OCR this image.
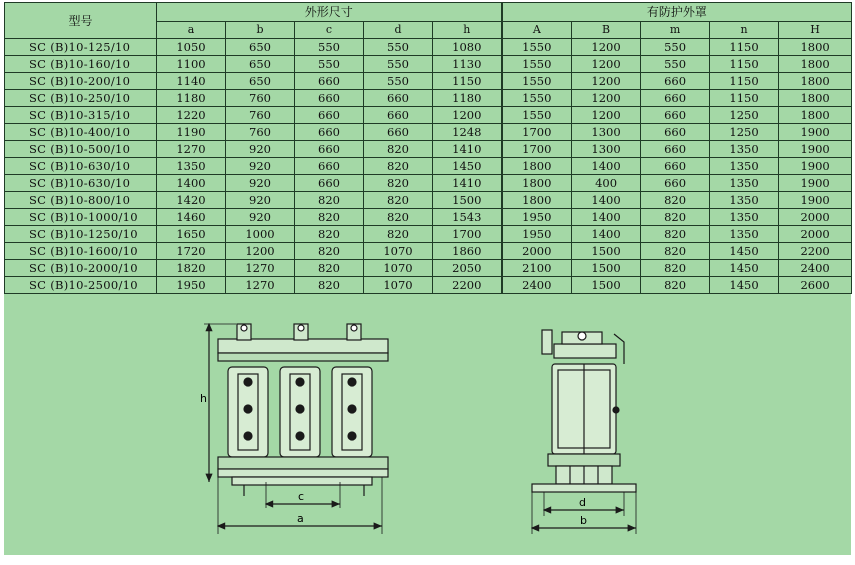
型号	外形尺寸					有防护外罩				
	a	b	c	d	h	A	B	m	n	H
SC (B)10-125/10	1050	650	550	550	1080	1550	1200	550	1150	1800
SC (B)10-160/10	1100	650	550	550	1130	1550	1200	550	1150	1800
SC (B)10-200/10	1140	650	660	550	1150	1550	1200	660	1150	1800
SC (B)10-250/10	1180	760	660	660	1180	1550	1200	660	1150	1800
SC (B)10-315/10	1220	760	660	660	1200	1550	1200	660	1250	1800
SC (B)10-400/10	1190	760	660	660	1248	1700	1300	660	1250	1900
SC (B)10-500/10	1270	920	660	820	1410	1700	1300	660	1350	1900
SC (B)10-630/10	1350	920	660	820	1450	1800	1400	660	1350	1900
SC (B)10-630/10	1400	920	660	820	1410	1800	400	660	1350	1900
SC (B)10-800/10	1420	920	820	820	1500	1800	1400	820	1350	1900
SC (B)10-1000/10	1460	920	820	820	1543	1950	1400	820	1350	2000
SC (B)10-1250/10	1650	1000	820	820	1700	1950	1400	820	1350	2000
SC (B)10-1600/10	1720	1200	820	1070	1860	2000	1500	820	1450	2200
SC (B)10-2000/10	1820	1270	820	1070	2050	2100	1500	820	1450	2400
SC (B)10-2500/10	1950	1270	820	1070	2200	2400	1500	820	1450	2600
h
c
a
d
b
